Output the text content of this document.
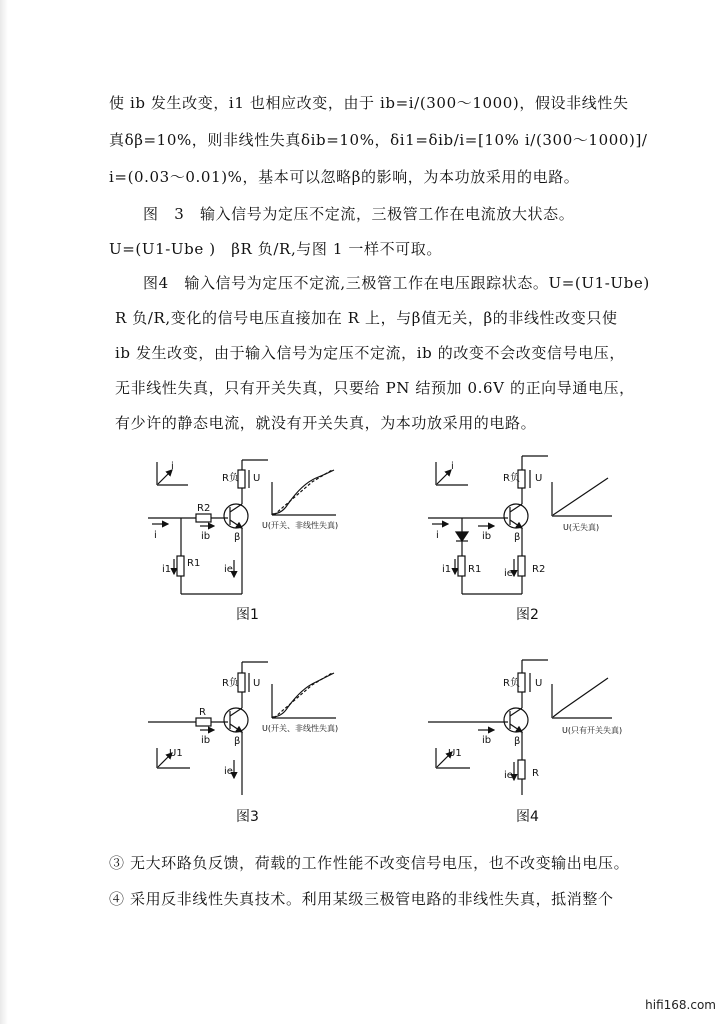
使 ib 发生改变，i1 也相应改变，由于 ib=i/(300～1000)，假设非线性失
真δβ=10%，则非线性失真δib=10%，δi1=δib/i=[10% i/(300～1000)]/
i=(0.03～0.01)%，基本可以忽略β的影响，为本功放采用的电路。
图　3　输入信号为定压不定流，三极管工作在电流放大状态。
U=(U1-Ube )　βR 负/R,与图 1 一样不可取。
图4　输入信号为定压不定流,三极管工作在电压跟踪状态。U=(U1-Ube)
R 负/R,变化的信号电压直接加在 R 上，与β值无关，β的非线性改变只使
ib 发生改变，由于输入信号为定压不定流，ib 的改变不会改变信号电压，
无非线性失真，只有开关失真，只要给 PN 结预加 0.6V 的正向导通电压，
有少许的静态电流，就没有开关失真，为本功放采用的电路。
③ 无大环路负反馈，荷载的工作性能不改变信号电压，也不改变输出电压。
④ 采用反非线性失真技术。利用某级三极管电路的非线性失真，抵消整个
i
R负 U
R2
i	ib β
i1
R1
ie
U(开关、非线性失真)
i
R负 U
i	ib β
i1 R1 ie R2
U(无失真)
R负 U
R
ib β
U1
ie
U(开关、非线性失真)
R负 U
ib β
U1
ie R
U(只有开关失真)
图1	图2
图3	图4
hifi168.com
